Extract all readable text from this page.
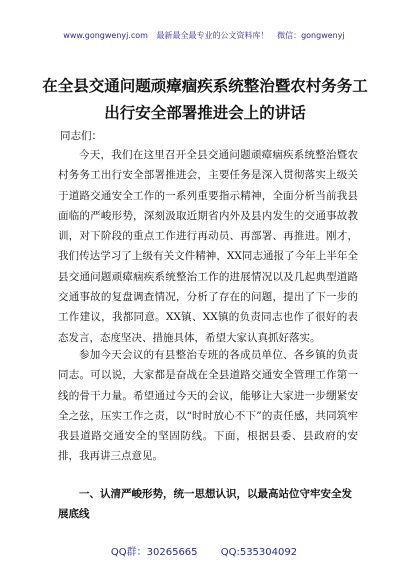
www.gongwenyj.com 最新最全最专业的公文资料库！ 微信：gongwenyj
在全县交通问题顽瘴痼疾系统整治暨农村务务工出行安全部署推进会上的讲话

同志们：

今天，我们在这里召开全县交通问题顽瘴痼疾系统整治暨农村务务工出行安全部署推进会，主要任务是深入贯彻落实上级关于道路交通安全工作的一系列重要指示精神，全面分析当前我县面临的严峻形势，深刻汲取近期省内外及县内发生的交通事故教训，对下阶段的重点工作进行再动员、再部署、再推进。刚才，我们传达学习了上级有关文件精神，XX同志通报了今年上半年全县交通问题顽瘴痼疾系统整治工作的进展情况以及几起典型道路交通事故的复盘调查情况，分析了存在的问题，提出了下一步的工作建议，我都同意。XX镇、XX镇的负责同志也作了很好的表态发言，态度坚决、措施具体，希望大家认真抓好落实。

参加今天会议的有县整治专班的各成员单位、各乡镇的负责同志。可以说，大家都是奋战在全县道路交通安全管理工作第一线的骨干力量。希望通过今天的会议，能够让大家进一步绷紧安全之弦，压实工作之责，以“时时放心不下”的责任感，共同筑牢我县道路交通安全的坚固防线。下面，根据县委、县政府的安排，我再讲三点意见。

一、认清严峻形势，统一思想认识，以最高站位守牢安全发展底线

QQ群：30265665 QQ:535304092
